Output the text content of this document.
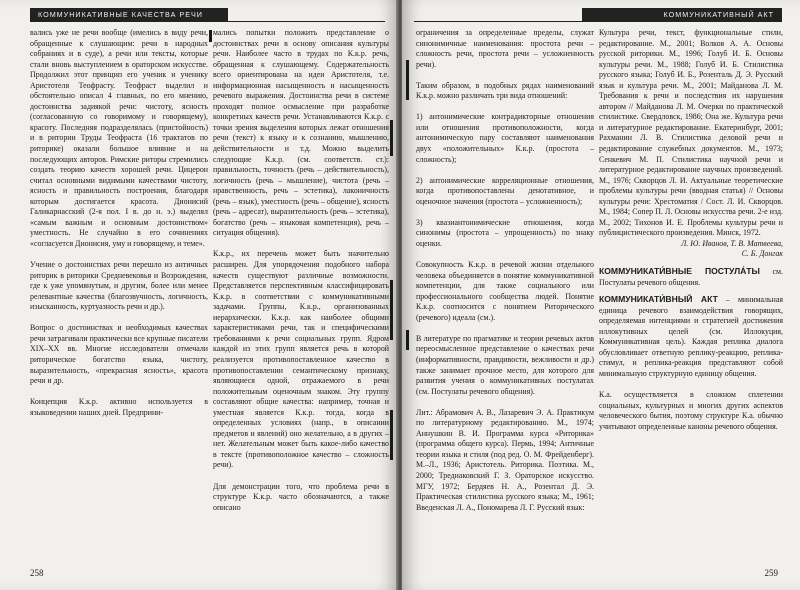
КОММУНИКАТИВНЫЕ КАЧЕСТВА РЕЧИ

вались уже не речи вообще (имелись в виду речи, обращенные к слушающим: речи в народных собраниях и в суде), а речи или тексты, которые стали вновь выступлением в ораторском искусстве. Продолжил этот принцип его ученик и ученику Аристотеля Теофрасту. Теофраст выделил и обстоятельно описал 4 главных, по его мнению, достоинства задиякой речи: чистоту, ясность (согласованную со говоримому и говорящему), красоту. Последняя подразделялась (пристойность) и в ритории Труды Теофраста (16 трактатов по риторике) оказали большое влияние и на последующих авторов. Римские риторы стремились создать теорию качеств хорошей речи. Цицерон считал основными видимыми качествами чистоту, ясность и правильность построения, благодаря которым достигается красота. Дионисий Галикарнасский (2-я пол. I в. до н. э.) выделял «самым важным и основным достоинством» уместность. Не случайно в его сочинениях «согласуется Дионисия, уму и говорящему, и теме».

Учение о достоинствах речи перешло из античных риторик в риторики Средневековья и Возрождения, где к уже упомянутым, и другим, более или менее релевантные качества (благозвучность, логичность, изысканность, куртуазность речи и др.).

Вопрос о достоинствах и необходимых качествах речи затрагивали практически все крупные писатели XIX–XX вв. Многие исследователи отмечали риторическое богатство языка, чистоту, выразительность, «прекрасная ясность», красота речи и др.

Концепция К.к.р. активно используется в языковедении наших дней. Предприни-

мались попытки положить представление о достоинствах речи в основу описания культуры речи. Наиболее часто в трудах по К.к.р. речь, обращенная к слушающему. Содержательность всего ориентирована на идеи Аристотеля, т.е. информационная насыщенность и насыщенность речевого выражения. Достоинства речи в системе проходят полное осмысление при разработке конкретных качеств речи. Устанавливаются К.к.р. с точки зрения выделения которых лежат отношения речи (текст) к языку и к сознанию, мышлению, действительности и т.д. Можно выделить следующие К.к.р. (см. соответств. ст.): правильность, точность (речь – действительность), логичность (речь – мышление), чистота (речь – нравственность, речь – эстетика), лаконичность (речь – язык), уместность (речь – общение), ясность (речь – адресат), выразительность (речь – эстетика), богатство (речь – языковая компетенция), речь – ситуация общения).

К.к.р., их перечень может быть значительно расширен. Для упорядочения подобного набора качеств существуют различные возможности. Представляется перспективным классифицировать К.к.р. в соответствии с коммуникативными задачами. Группы, К.к.р., организованных иерархически. К.к.р. как наиболее общими характеристиками речи, так и специфическими требованиями к речи социальных групп. Ядром каждой из этих групп является речь в которой реализуется противопоставленное качество в противопоставлении семантическому признаку, являющиеся одной, отражаемого в речи положительным оценочным знаком. Эту группу составляют общие качества: например, точная и уместная является К.к.р. тогда, когда в определенных условиях (напр., в описании предметов и явлений) оно желательно, а в других – нет. Желательным может быть какое-либо качество в тексте (противоположное качество – сложность речи).

Для демонстрации того, что проблема речи в структуре К.к.р. часто обозначаются, а также описано

258
КОММУНИКАТИВНЫЙ АКТ

ограничения за определенные пределы, служат синонимичные наименования: простота речи – сложность речи, простота речи – усложненность речи).

Таким образом, в подобных рядах наименований К.к.р. можно различать три вида отношений:

1) антонимические контрадикторные отношения или отношения противоположности, когда антонимическую пару составляют наименования двух «положительных» К.к.р. (простота – сложность);

2) антонимические корреляционные отношения, когда противопоставлены денотативное, и оценочное значения (простота – усложненность);

3) квазиантонимические отношения, когда синонимы (простота – упрощенность) по знаку оценки.

Совокупность К.к.р. в речевой жизни отдельного человека объединяется в понятие коммуникативной компетенции, для также социального или профессионального сообщества людей. Понятие К.к.р. соотносится с понятием Риторического (речевого) идеала (см.).

В литературе по прагматике и теории речевых актов переосмысленное представление о качествах речи (информативности, правдивости, вежливости и др.) также занимает прочное место, для которого для развития учения о коммуникативных постулатах (см. Постулаты речевого общения).

Лит.: Абрамович А. В., Лазаревич Э. А. Практикум по литературному редактированию. М., 1974; Аннушкин В. И. Программа курса «Риторика» (программа общего курса). Пермь, 1994; Античные теории языка и стиля (под ред. О. М. Фрейденберг). М.–Л., 1936; Аристотель. Риторика. Поэтика. М., 2000; Тредиаковский Г. З. Ораторское искусство. МГУ, 1972; Бердяев Н. А., Розентал Д. Э. Практическая стилистика русского языка; М., 1961; Введенская Л. А., Пономарева Л. Г. Русский язык:

Культура речи, текст, функциональные стили, редактирование. М., 2001; Волков А. А. Основы русской риторики. М., 1996; Голуб И. Б. Основы культуры речи. М., 1988; Голуб И. Б. Стилистика русского языка; Голуб И. Б., Розенталь Д. Э. Русский язык и культура речи. М., 2001; Майданова Л. М. Требования к речи и последствия их нарушения автором // Майданова Л. М. Очерки по практической стилистике. Свердловск, 1986; Она же. Культура речи и литературное редактирование. Екатеринбург, 2001; Рахманин Л. В. Стилистика деловой речи и редактирование служебных документов. М., 1973; Сенкевич М. П. Стилистика научной речи и литературное редактирование научных произведений. М., 1976; Скворцов Л. И. Актуальные теоретические проблемы культуры речи (вводная статья) // Основы культуры речи: Хрестоматия / Сост. Л. И. Скворцов. М., 1984; Сопер П. Л. Основы искусства речи. 2-е изд. М., 2002; Тихонов И. Е. Проблемы культуры речи и публицистического произведения. Минск, 1972.

Л. Ю. Иванов, Т. В. Матвеева,

С. Б. Донгак

КОММУНИКАТИ́ВНЫЕ ПОСТУЛА́ТЫ см. Постулаты речевого общения.

КОММУНИКАТИ́ВНЫЙ АКТ – минимальная единица речевого взаимодействия говорящих, определяемая интенциями и стратегией достижения иллокутивных целей (см. Иллокуция, Коммуникативная цель). Каждая реплика диалога обусловливает ответную реплику-реакцию, реплика-стимул, и реплика-реакция представляют собой минимальную структурную единицу общения.

К.а. осуществляется в сложном сплетении социальных, культурных и многих других аспектов человеческого бытия, поэтому структуре К.а. обычно учитывают определенные каноны речевого общения.

259
